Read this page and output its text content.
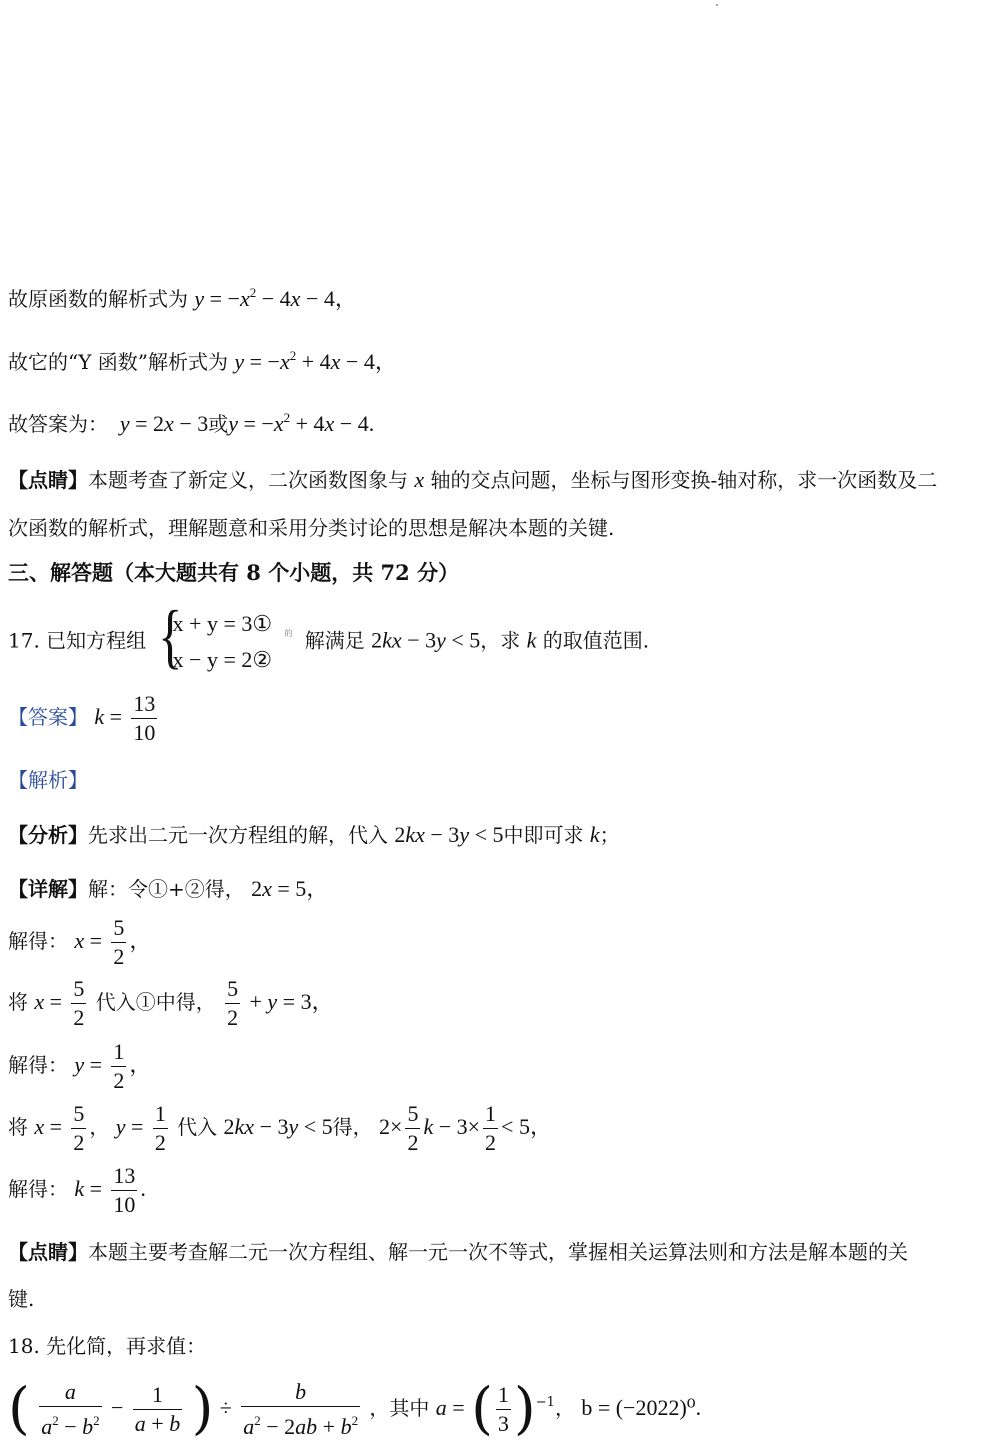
故原函数的解析式为 $y = -x^2 - 4x - 4$，
故它的“Y 函数”解析式为 $y = -x^2 + 4x - 4$，
故答案为： y = 2x − 3或$y = -x^2 + 4x - 4$.
【点睛】本题考查了新定义，二次函数图象与 x 轴的交点问题，坐标与图形变换-轴对称，求一次函数及二
次函数的解析式，理解题意和采用分类讨论的思想是解决本题的关键.
三、解答题（本大题共有 8 个小题，共 72 分）
17. 已知方程组 {
x + y = 3①
x − y = 2②
$^的$ 解满足 2kx − 3y < 5，求 k 的取值范围.
【答案】 $k = \frac{13}{10}$
【解析】
【分析】先求出二元一次方程组的解，代入 2kx − 3y < 5中即可求 k；
【详解】解：令①+②得， 2x = 5，
解得： $x = \frac{5}{2}$ ，
将 $x = \frac{5}{2}$ 代入①中得， $\frac{5}{2} + y = 3$，
解得： $y = \frac{1}{2}$ ，
将 $x = \frac{5}{2}$ ， $y = \frac{1}{2}$ 代入 2kx − 3y < 5得， $2\times \frac{5}{2}$ $k - 3\times \frac{1}{2} < 5$，
解得： $k = \frac{13}{10}$ .
【点睛】本题主要考查解二元一次方程组、解一元一次不等式，掌握相关运算法则和方法是解本题的关
键.
18. 先化简，再求值：
( $\frac{a}{a^2 - b^2} - \frac{1}{a + b}$ ) ÷ $\frac{b}{a^2 - 2ab + b^2}$ ，其中 a = ( $\frac{1}{3} )^{-1}$， b = (−2022)⁰.
